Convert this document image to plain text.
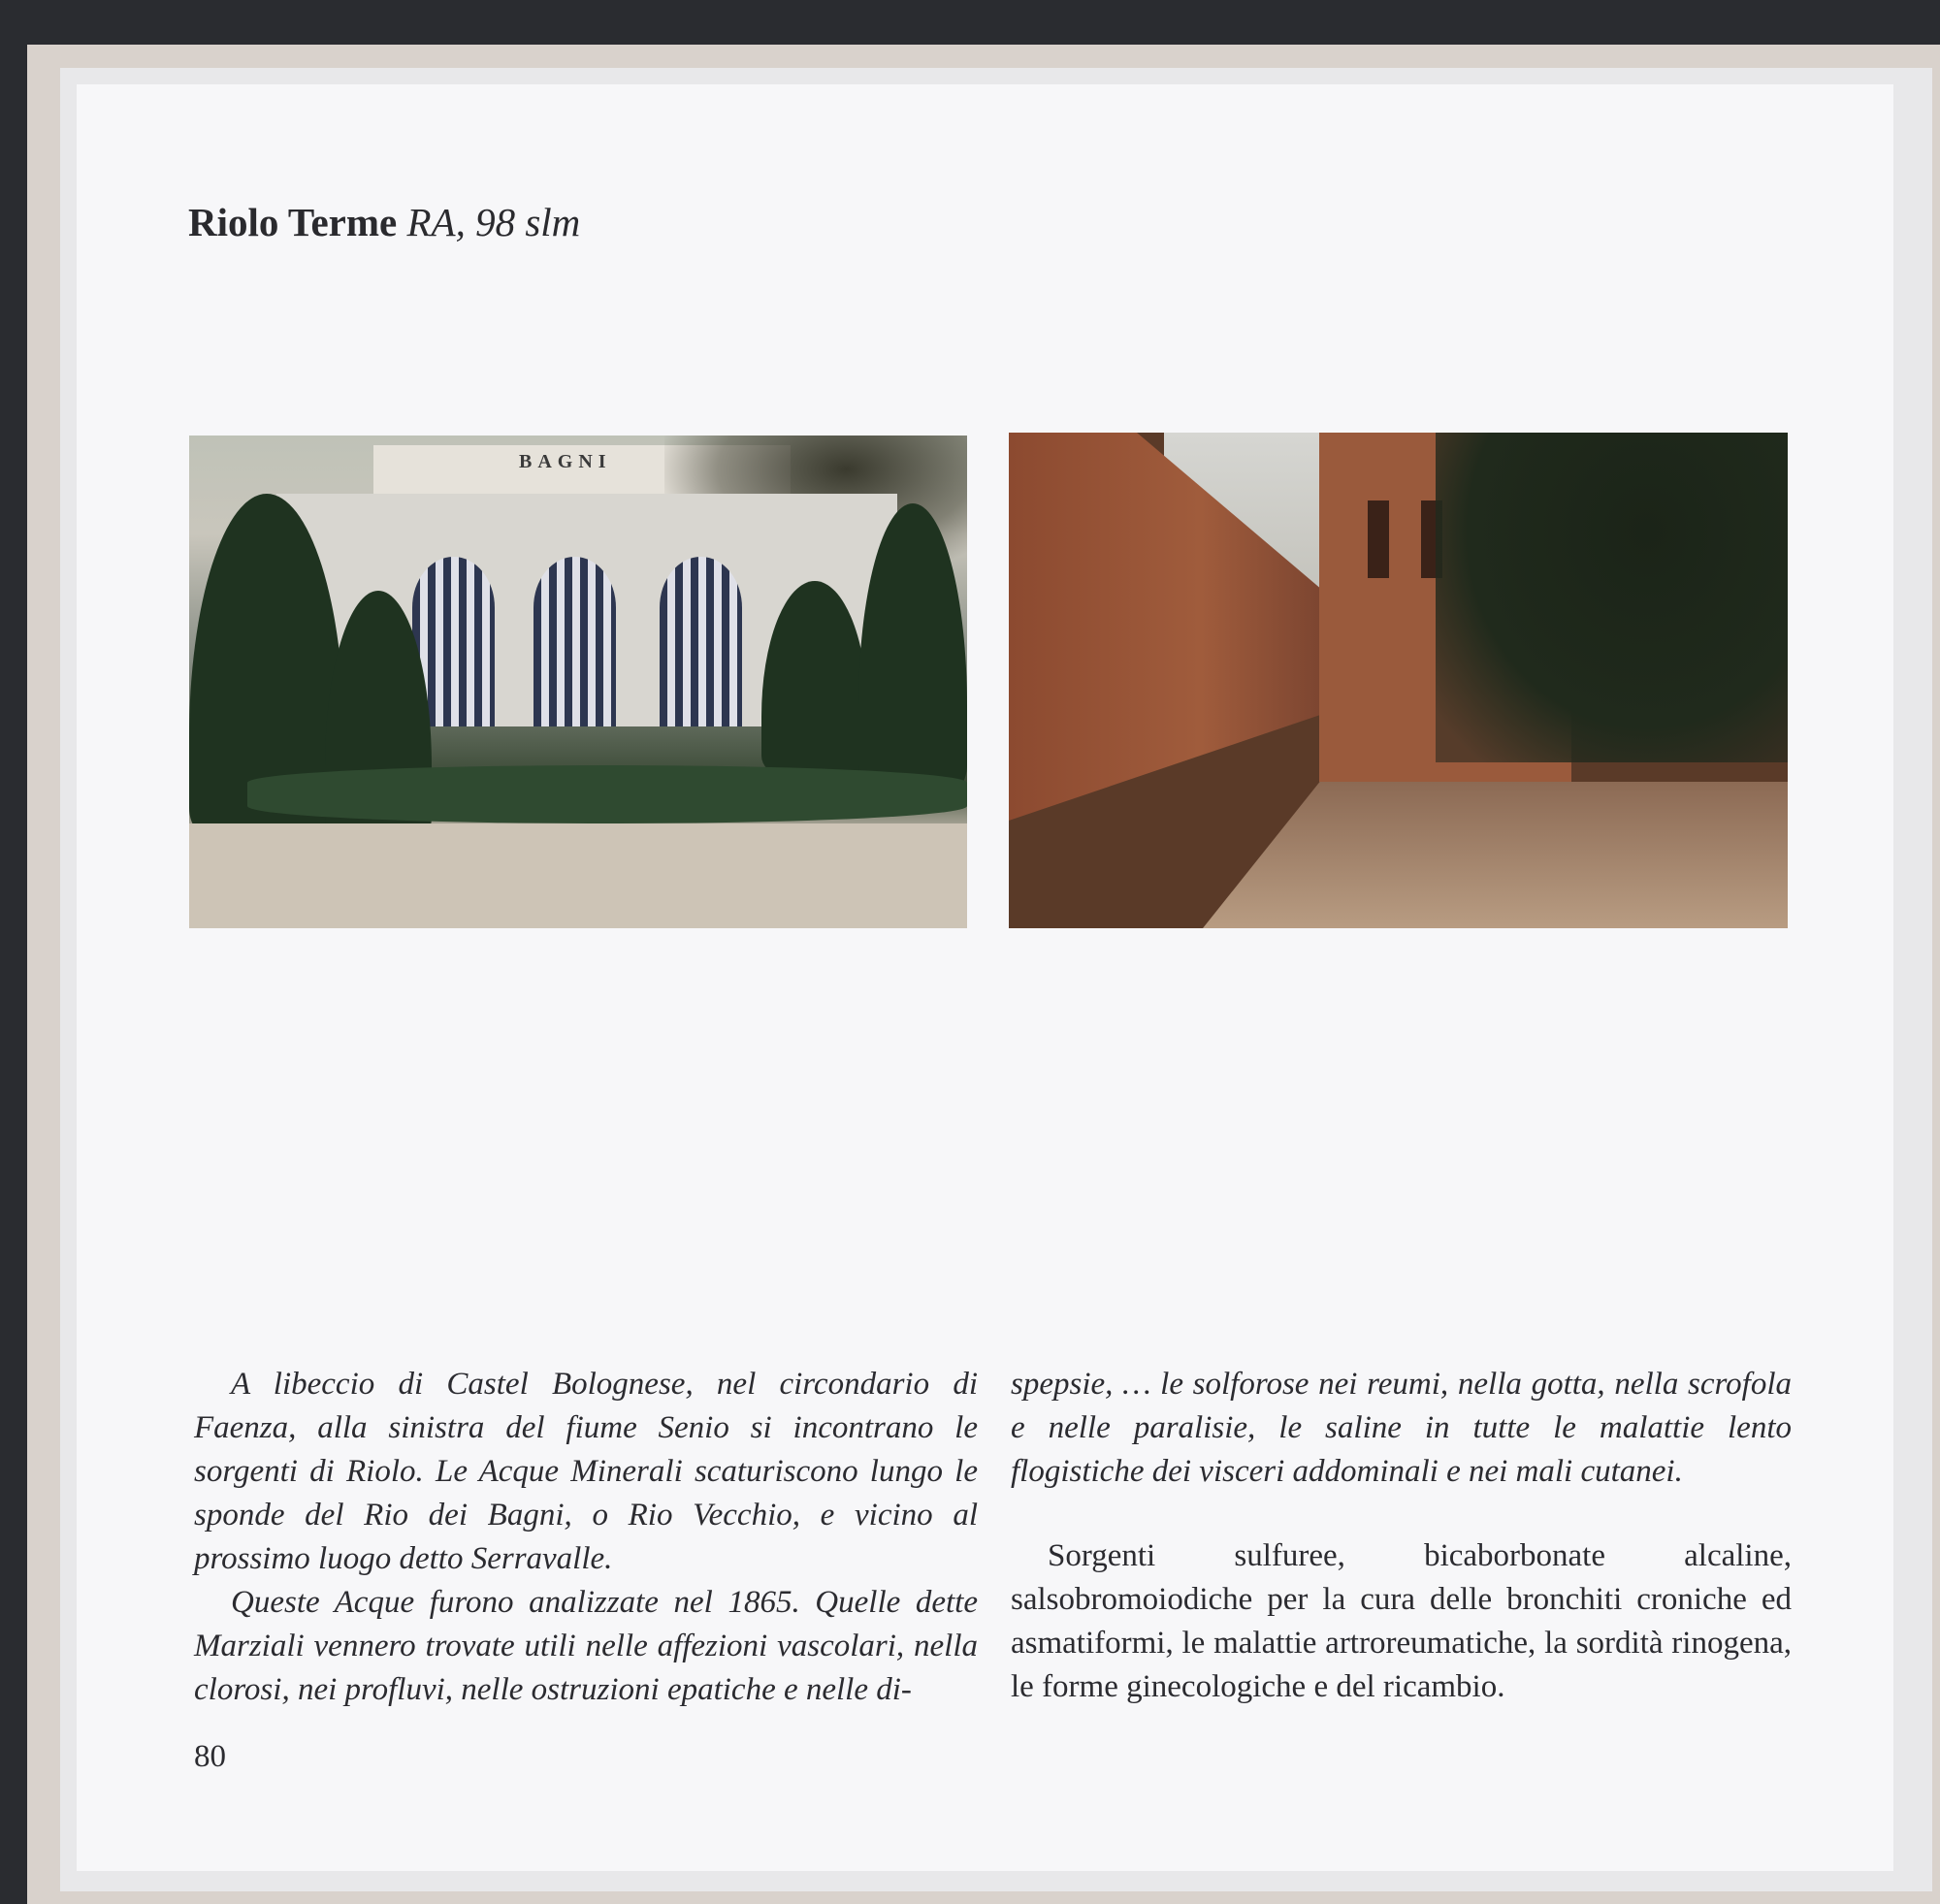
Riolo Terme RA, 98 slm
BAGNI

A libeccio di Castel Bolognese, nel circondario di Faenza, alla sinistra del fiume Senio si incontrano le sorgenti di Riolo. Le Acque Minerali scaturiscono lungo le sponde del Rio dei Bagni, o Rio Vecchio, e vicino al prossimo luogo detto Serravalle.

Queste Acque furono analizzate nel 1865. Quelle dette Marziali vennero trovate utili nelle affezioni vascolari, nella clorosi, nei profluvi, nelle ostruzioni epatiche e nelle di-

spepsie, … le solforose nei reumi, nella gotta, nella scrofola e nelle paralisie, le saline in tutte le malattie lento flogistiche dei visceri addominali e nei mali cutanei.

Sorgenti sulfuree, bicaborbonate alcaline, salsobromoiodiche per la cura delle bronchiti croniche ed asmatiformi, le malattie artroreumatiche, la sordità rinogena, le forme ginecologiche e del ricambio.

80
